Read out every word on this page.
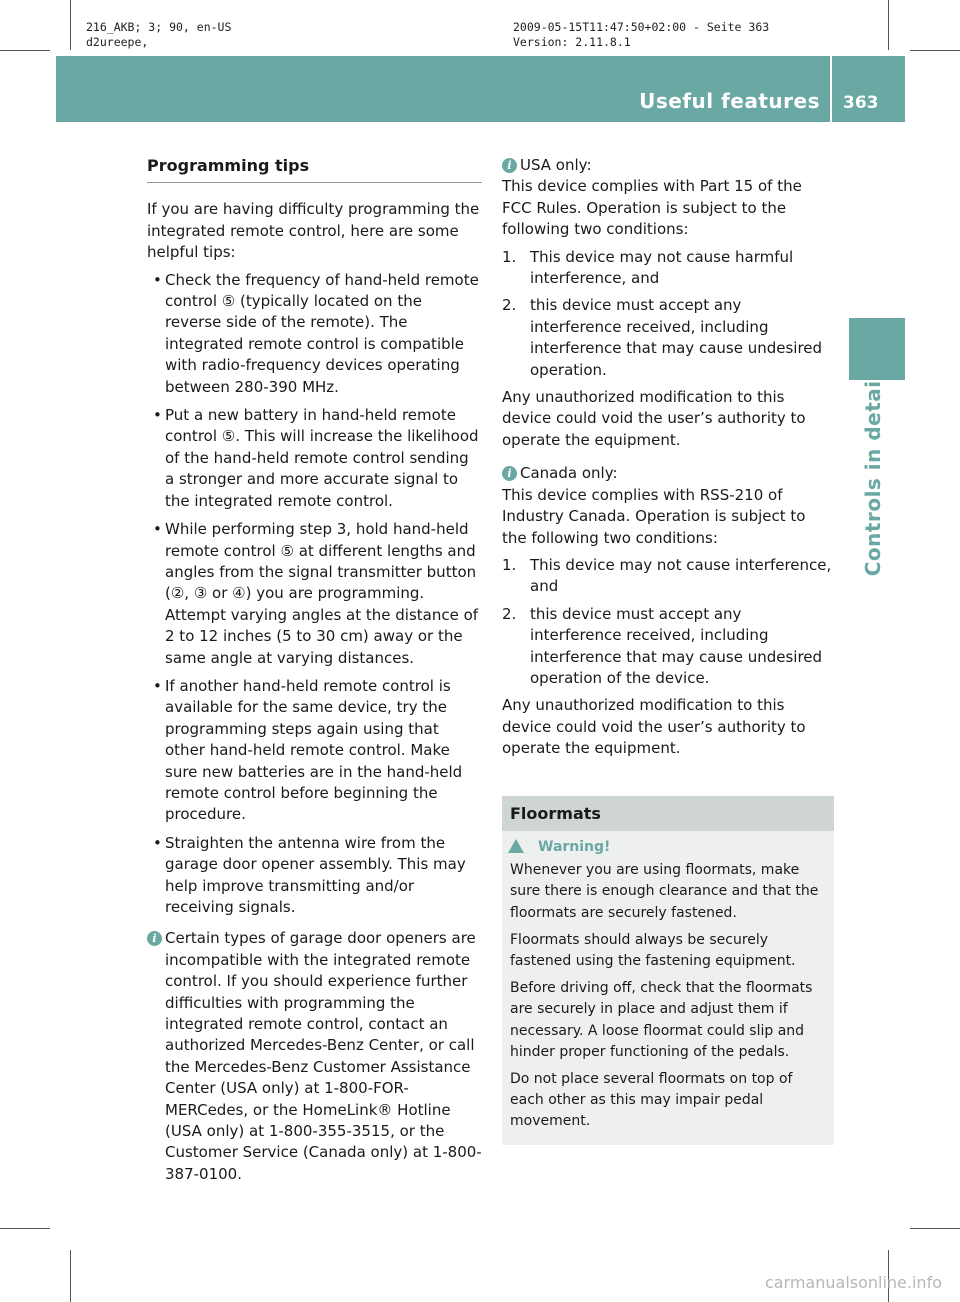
216_AKB; 3; 90, en-US
d2ureepe,
2009-05-15T11:47:50+02:00 - Seite 363
Version: 2.11.8.1
Useful features 363
Controls in detail
Programming tips

If you are having difficulty programming the integrated remote control, here are some helpful tips:

• Check the frequency of hand-held remote control ⑤ (typically located on the reverse side of the remote). The integrated remote control is compatible with radio-frequency devices operating between 280-390 MHz.
• Put a new battery in hand-held remote control ⑤. This will increase the likelihood of the hand-held remote control sending a stronger and more accurate signal to the integrated remote control.
• While performing step 3, hold hand-held remote control ⑤ at different lengths and angles from the signal transmitter button (②, ③ or ④) you are programming. Attempt varying angles at the distance of 2 to 12 inches (5 to 30 cm) away or the same angle at varying distances.
• If another hand-held remote control is available for the same device, try the programming steps again using that other hand-held remote control. Make sure new batteries are in the hand-held remote control before beginning the procedure.
• Straighten the antenna wire from the garage door opener assembly. This may help improve transmitting and/or receiving signals.
i Certain types of garage door openers are incompatible with the integrated remote control. If you should experience further difficulties with programming the integrated remote control, contact an authorized Mercedes-Benz Center, or call the Mercedes-Benz Customer Assistance Center (USA only) at 1-800-FOR-MERCedes, or the HomeLink® Hotline (USA only) at 1-800-355-3515, or the Customer Service (Canada only) at 1-800-387-0100.
i USA only:
This device complies with Part 15 of the FCC Rules. Operation is subject to the following two conditions:
1. This device may not cause harmful interference, and
2. this device must accept any interference received, including interference that may cause undesired operation.
Any unauthorized modification to this device could void the user’s authority to operate the equipment.
i Canada only:
This device complies with RSS-210 of Industry Canada. Operation is subject to the following two conditions:
1. This device may not cause interference, and
2. this device must accept any interference received, including interference that may cause undesired operation of the device.
Any unauthorized modification to this device could void the user’s authority to operate the equipment.
Floormats
Warning!

Whenever you are using floormats, make sure there is enough clearance and that the floormats are securely fastened.

Floormats should always be securely fastened using the fastening equipment.

Before driving off, check that the floormats are securely in place and adjust them if necessary. A loose floormat could slip and hinder proper functioning of the pedals.

Do not place several floormats on top of each other as this may impair pedal movement.

carmanualsonline.info
